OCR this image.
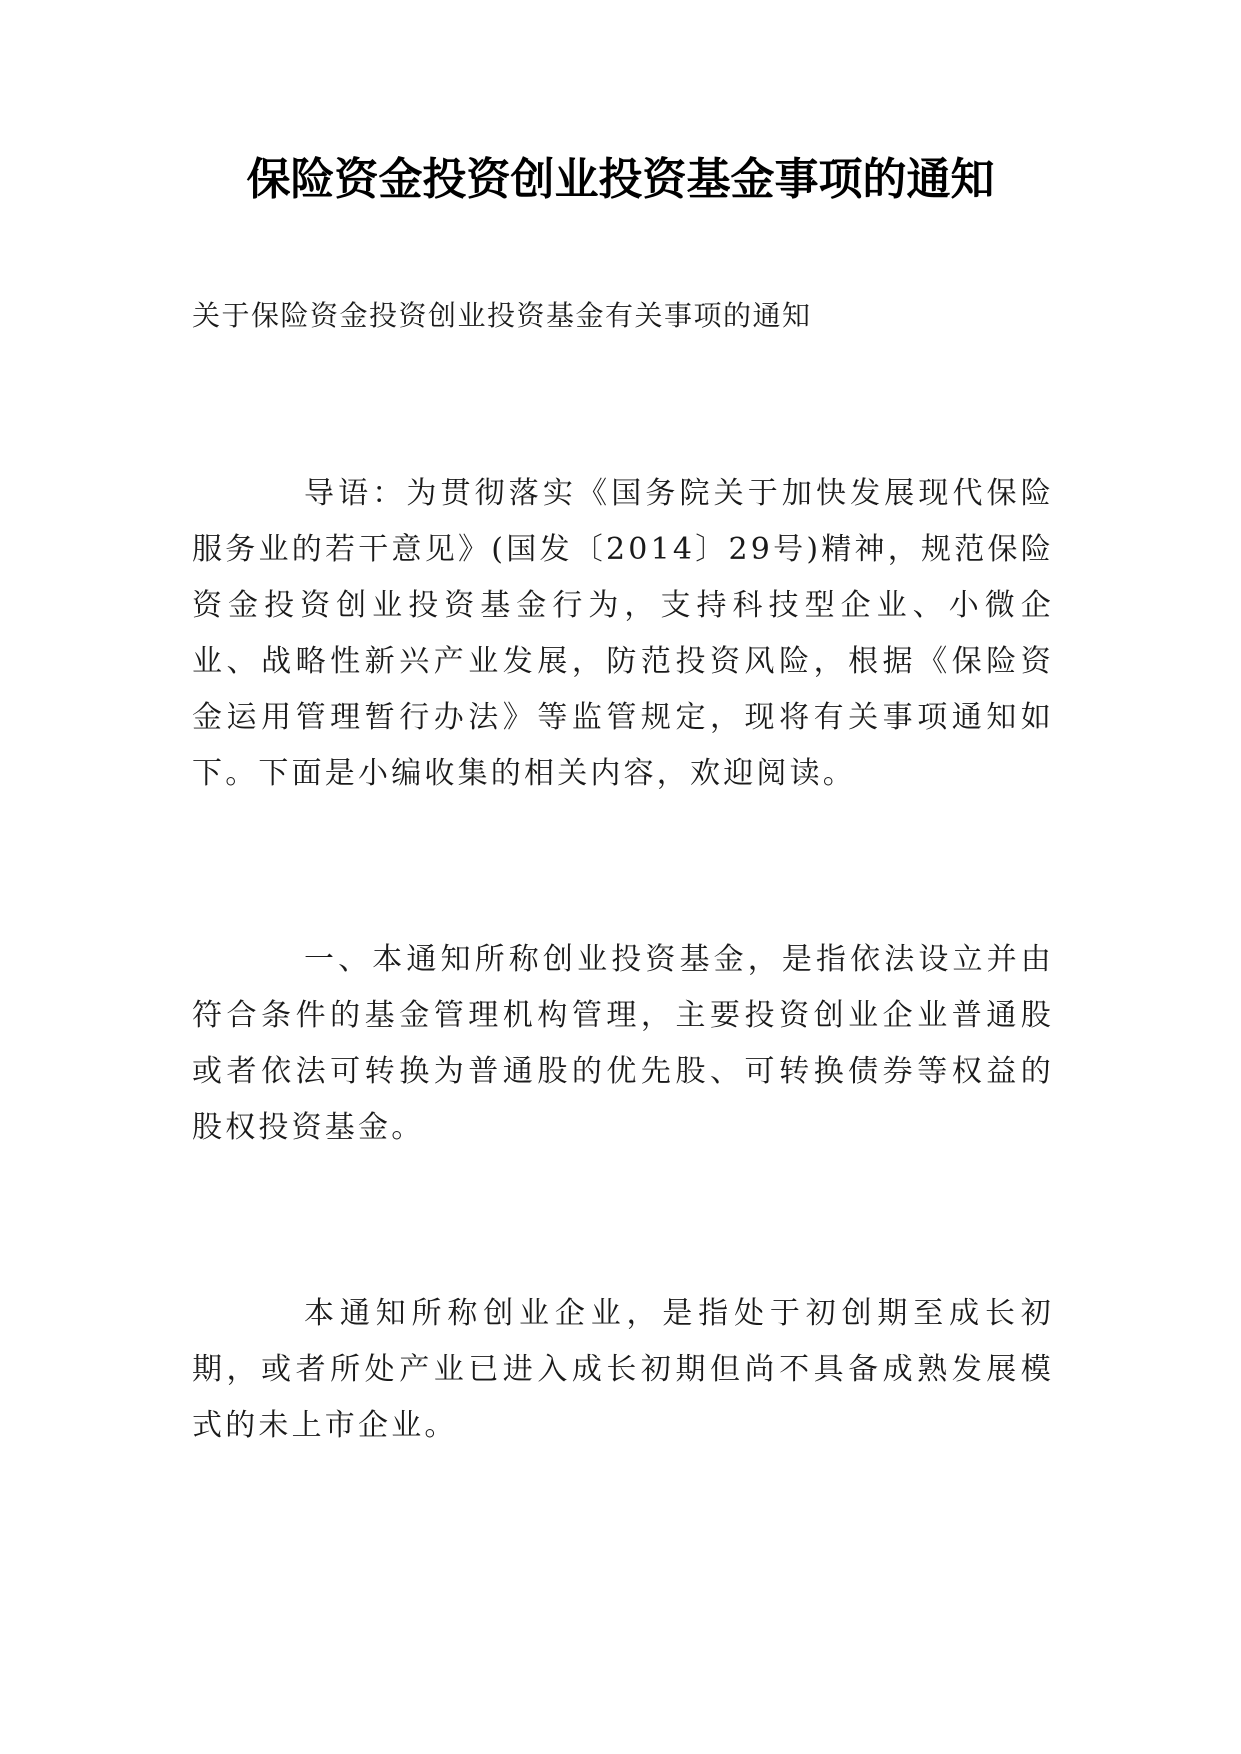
保险资金投资创业投资基金事项的通知

关于保险资金投资创业投资基金有关事项的通知

导语：为贯彻落实《国务院关于加快发展现代保险服务业的若干意见》(国发〔2014〕29号)精神，规范保险资金投资创业投资基金行为，支持科技型企业、小微企业、战略性新兴产业发展，防范投资风险，根据《保险资金运用管理暂行办法》等监管规定，现将有关事项通知如下。下面是小编收集的相关内容，欢迎阅读。

一、本通知所称创业投资基金，是指依法设立并由符合条件的基金管理机构管理，主要投资创业企业普通股或者依法可转换为普通股的优先股、可转换债券等权益的股权投资基金。

本通知所称创业企业，是指处于初创期至成长初期，或者所处产业已进入成长初期但尚不具备成熟发展模式的未上市企业。
